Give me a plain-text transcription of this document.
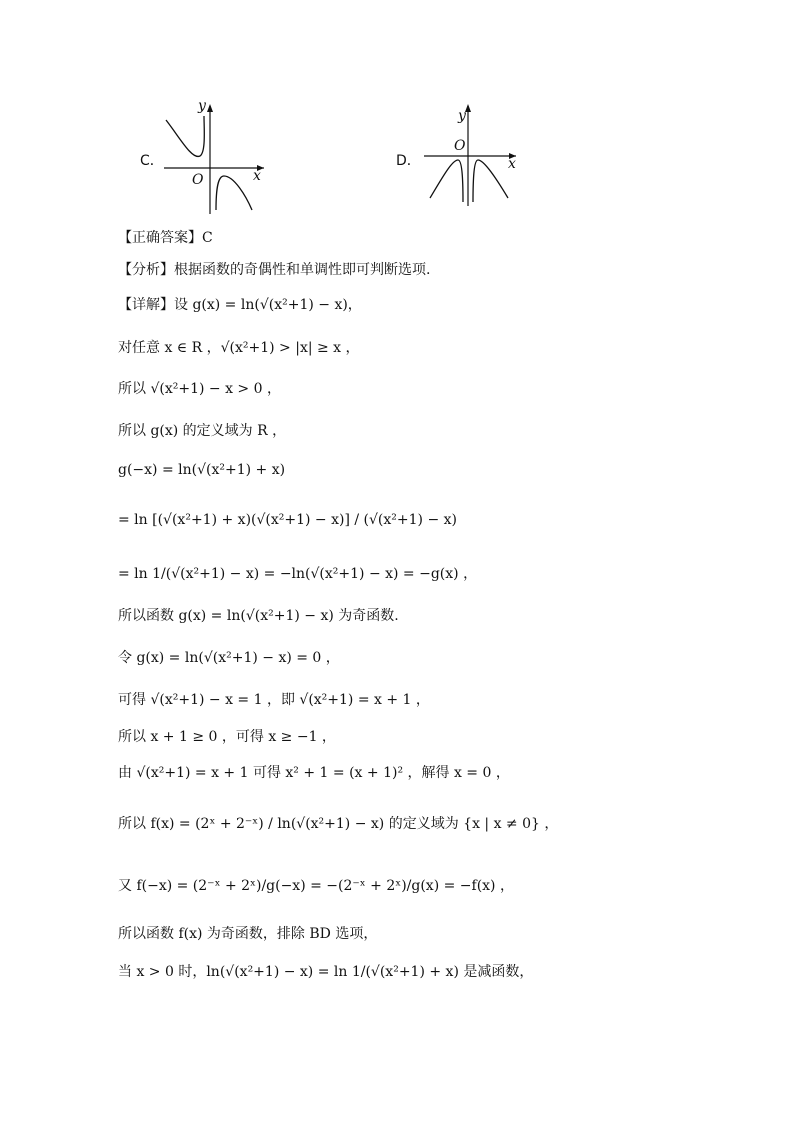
C．
y
x
O
D．
y
x
O
【正确答案】C
【分析】根据函数的奇偶性和单调性即可判断选项.
【详解】设 g(x) = ln(√(x²+1) − x)，
对任意 x ∈ R ，√(x²+1) > |x| ≥ x ，
所以 √(x²+1) − x > 0 ，
所以 g(x) 的定义域为 R ，
g(−x) = ln(√(x²+1) + x)
= ln [(√(x²+1) + x)(√(x²+1) − x)] / (√(x²+1) − x)
= ln 1/(√(x²+1) − x) = −ln(√(x²+1) − x) = −g(x) ，
所以函数 g(x) = ln(√(x²+1) − x) 为奇函数.
令 g(x) = ln(√(x²+1) − x) = 0 ，
可得 √(x²+1) − x = 1 ，即 √(x²+1) = x + 1 ，
所以 x + 1 ≥ 0 ，可得 x ≥ −1 ，
由 √(x²+1) = x + 1 可得 x² + 1 = (x + 1)² ，解得 x = 0 ，
所以 f(x) = (2ˣ + 2⁻ˣ) / ln(√(x²+1) − x) 的定义域为 {x | x ≠ 0} ，
又 f(−x) = (2⁻ˣ + 2ˣ)/g(−x) = −(2⁻ˣ + 2ˣ)/g(x) = −f(x) ，
所以函数 f(x) 为奇函数，排除 BD 选项，
当 x > 0 时，ln(√(x²+1) − x) = ln 1/(√(x²+1) + x) 是减函数，
